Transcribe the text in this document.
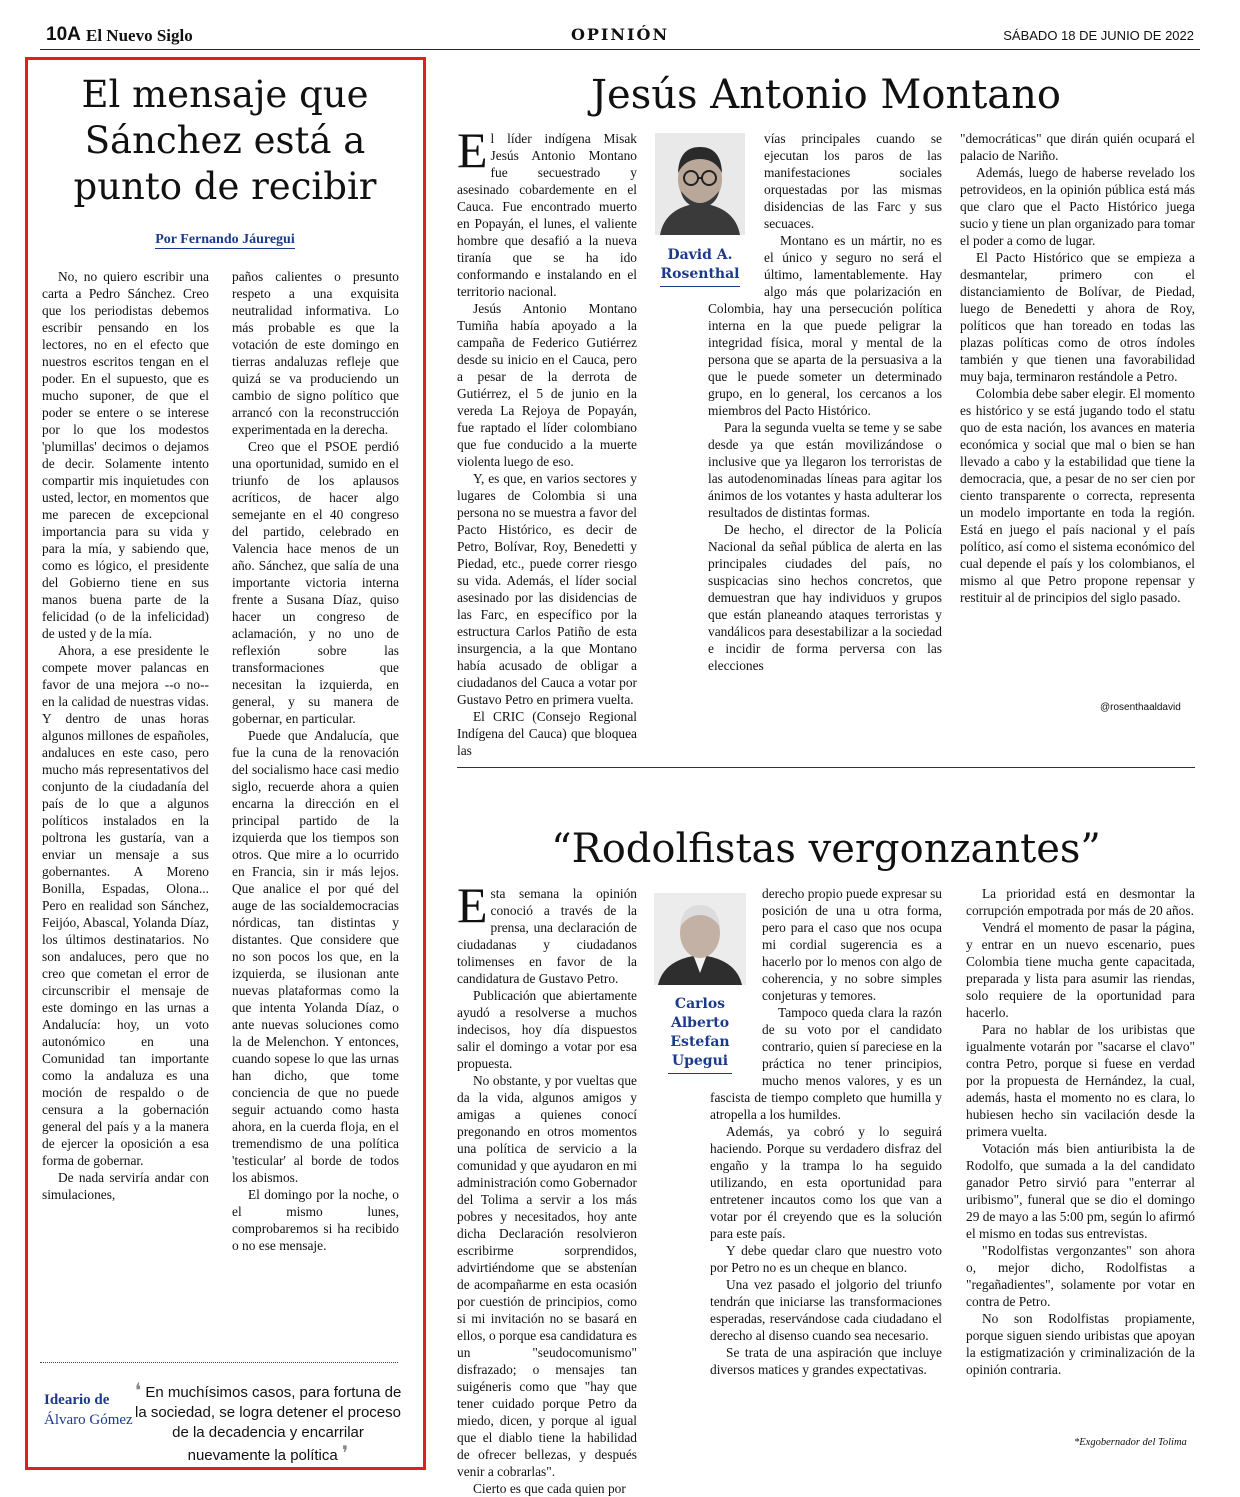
10A El Nuevo Siglo	OPINIÓN	SÁBADO 18 DE JUNIO DE 2022
El mensaje que Sánchez está a punto de recibir
Por Fernando Jáuregui

No, no quiero escribir una carta a Pedro Sánchez. Creo que los periodistas debemos escribir pensando en los lectores, no en el efecto que nuestros escritos tengan en el poder. En el supuesto, que es mucho suponer, de que el poder se entere o se interese por lo que los modestos 'plumillas' decimos o dejamos de decir. Solamente intento compartir mis inquietudes con usted, lector, en momentos que me parecen de excepcional importancia para su vida y para la mía, y sabiendo que, como es lógico, el presidente del Gobierno tiene en sus manos buena parte de la felicidad (o de la infelicidad) de usted y de la mía.

Ahora, a ese presidente le compete mover palancas en favor de una mejora --o no-- en la calidad de nuestras vidas. Y dentro de unas horas algunos millones de españoles, andaluces en este caso, pero mucho más representativos del conjunto de la ciudadanía del país de lo que a algunos políticos instalados en la poltrona les gustaría, van a enviar un mensaje a sus gobernantes. A Moreno Bonilla, Espadas, Olona... Pero en realidad son Sánchez, Feijóo, Abascal, Yolanda Díaz, los últimos destinatarios. No son andaluces, pero que no creo que cometan el error de circunscribir el mensaje de este domingo en las urnas a Andalucía: hoy, un voto autonómico en una Comunidad tan importante como la andaluza es una moción de respaldo o de censura a la gobernación general del país y a la manera de ejercer la oposición a esa forma de gobernar.

De nada serviría andar con simulaciones,

paños calientes o presunto respeto a una exquisita neutralidad informativa. Lo más probable es que la votación de este domingo en tierras andaluzas refleje que quizá se va produciendo un cambio de signo político que arrancó con la reconstrucción experimentada en la derecha.

Creo que el PSOE perdió una oportunidad, sumido en el triunfo de los aplausos acríticos, de hacer algo semejante en el 40 congreso del partido, celebrado en Valencia hace menos de un año. Sánchez, que salía de una importante victoria interna frente a Susana Díaz, quiso hacer un congreso de aclamación, y no uno de reflexión sobre las transformaciones que necesitan la izquierda, en general, y su manera de gobernar, en particular.

Puede que Andalucía, que fue la cuna de la renovación del socialismo hace casi medio siglo, recuerde ahora a quien encarna la dirección en el principal partido de la izquierda que los tiempos son otros. Que mire a lo ocurrido en Francia, sin ir más lejos. Que analice el por qué del auge de las socialdemocracias nórdicas, tan distintas y distantes. Que considere que no son pocos los que, en la izquierda, se ilusionan ante nuevas plataformas como la que intenta Yolanda Díaz, o ante nuevas soluciones como la de Melenchon. Y entonces, cuando sopese lo que las urnas han dicho, que tome conciencia de que no puede seguir actuando como hasta ahora, en la cuerda floja, en el tremendismo de una política 'testicular' al borde de todos los abismos.

El domingo por la noche, o el mismo lunes, comprobaremos si ha recibido o no ese mensaje.

Ideario de
Álvaro Gómez
❛ En muchísimos casos, para fortuna de la sociedad, se logra detener el proceso de la decadencia y encarrilar nuevamente la política ❜
Jesús Antonio Montano

El líder indígena Misak Jesús Antonio Montano fue secuestrado y asesinado cobardemente en el Cauca. Fue encontrado muerto en Popayán, el lunes, el valiente hombre que desafió a la nueva tiranía que se ha ido conformando e instalando en el territorio nacional.

Jesús Antonio Montano Tumiña había apoyado a la campaña de Federico Gutiérrez desde su inicio en el Cauca, pero a pesar de la derrota de Gutiérrez, el 5 de junio en la vereda La Rejoya de Popayán, fue raptado el líder colombiano que fue conducido a la muerte violenta luego de eso.

Y, es que, en varios sectores y lugares de Colombia si una persona no se muestra a favor del Pacto Histórico, es decir de Petro, Bolívar, Roy, Benedetti y Piedad, etc., puede correr riesgo su vida. Además, el líder social asesinado por las disidencias de las Farc, en específico por la estructura Carlos Patiño de esta insurgencia, a la que Montano había acusado de obligar a ciudadanos del Cauca a votar por Gustavo Petro en primera vuelta.

El CRIC (Consejo Regional Indígena del Cauca) que bloquea las

David A. Rosenthal

vías principales cuando se ejecutan los paros de las manifestaciones sociales orquestadas por las mismas disidencias de las Farc y sus secuaces.

Montano es un mártir, no es el único y seguro no será el último, lamentablemente. Hay algo más que polarización en Colombia, hay una persecución política interna en la que puede peligrar la integridad física, moral y mental de la persona que se aparta de la persuasiva a la que le puede someter un determinado grupo, en lo general, los cercanos a los miembros del Pacto Histórico.

Para la segunda vuelta se teme y se sabe desde ya que están movilizándose o inclusive que ya llegaron los terroristas de las autodenominadas líneas para agitar los ánimos de los votantes y hasta adulterar los resultados de distintas formas.

De hecho, el director de la Policía Nacional da señal pública de alerta en las principales ciudades del país, no suspicacias sino hechos concretos, que demuestran que hay individuos y grupos que están planeando ataques terroristas y vandálicos para desestabilizar a la sociedad e incidir de forma perversa con las elecciones

"democráticas" que dirán quién ocupará el palacio de Nariño.

Además, luego de haberse revelado los petrovideos, en la opinión pública está más que claro que el Pacto Histórico juega sucio y tiene un plan organizado para tomar el poder a como de lugar.

El Pacto Histórico que se empieza a desmantelar, primero con el distanciamiento de Bolívar, de Piedad, luego de Benedetti y ahora de Roy, políticos que han toreado en todas las plazas políticas como de otros índoles también y que tienen una favorabilidad muy baja, terminaron restándole a Petro.

Colombia debe saber elegir. El momento es histórico y se está jugando todo el statu quo de esta nación, los avances en materia económica y social que mal o bien se han llevado a cabo y la estabilidad que tiene la democracia, que, a pesar de no ser cien por ciento transparente o correcta, representa un modelo importante en toda la región. Está en juego el país nacional y el país político, así como el sistema económico del cual depende el país y los colombianos, el mismo al que Petro propone repensar y restituir al de principios del siglo pasado.

@rosenthaaldavid
“Rodolfistas vergonzantes”

Esta semana la opinión conoció a través de la prensa, una declaración de ciudadanas y ciudadanos tolimenses en favor de la candidatura de Gustavo Petro.

Publicación que abiertamente ayudó a resolverse a muchos indecisos, hoy día dispuestos salir el domingo a votar por esa propuesta.

No obstante, y por vueltas que da la vida, algunos amigos y amigas a quienes conocí pregonando en otros momentos una política de servicio a la comunidad y que ayudaron en mi administración como Gobernador del Tolima a servir a los más pobres y necesitados, hoy ante dicha Declaración resolvieron escribirme sorprendidos, advirtiéndome que se abstenían de acompañarme en esta ocasión por cuestión de principios, como si mi invitación no se basará en ellos, o porque esa candidatura es un "seudocomunismo" disfrazado; o mensajes tan suigéneris como que "hay que tener cuidado porque Petro da miedo, dicen, y porque al igual que el diablo tiene la habilidad de ofrecer bellezas, y después venir a cobrarlas".

Cierto es que cada quien por

Carlos Alberto Estefan Upegui

derecho propio puede expresar su posición de una u otra forma, pero para el caso que nos ocupa mi cordial sugerencia es a hacerlo por lo menos con algo de coherencia, y no sobre simples conjeturas y temores.

Tampoco queda clara la razón de su voto por el candidato contrario, quien sí pareciese en la práctica no tener principios, mucho menos valores, y es un fascista de tiempo completo que humilla y atropella a los humildes.

Además, ya cobró y lo seguirá haciendo. Porque su verdadero disfraz del engaño y la trampa lo ha seguido utilizando, en esta oportunidad para entretener incautos como los que van a votar por él creyendo que es la solución para este país.

Y debe quedar claro que nuestro voto por Petro no es un cheque en blanco.

Una vez pasado el jolgorio del triunfo tendrán que iniciarse las transformaciones esperadas, reservándose cada ciudadano el derecho al disenso cuando sea necesario.

Se trata de una aspiración que incluye diversos matices y grandes expectativas.

La prioridad está en desmontar la corrupción empotrada por más de 20 años.

Vendrá el momento de pasar la página, y entrar en un nuevo escenario, pues Colombia tiene mucha gente capacitada, preparada y lista para asumir las riendas, solo requiere de la oportunidad para hacerlo.

Para no hablar de los uribistas que igualmente votarán por "sacarse el clavo" contra Petro, porque si fuese en verdad por la propuesta de Hernández, la cual, además, hasta el momento no es clara, lo hubiesen hecho sin vacilación desde la primera vuelta.

Votación más bien antiuribista la de Rodolfo, que sumada a la del candidato ganador Petro sirvió para "enterrar al uribismo", funeral que se dio el domingo 29 de mayo a las 5:00 pm, según lo afirmó el mismo en todas sus entrevistas.

"Rodolfistas vergonzantes" son ahora o, mejor dicho, Rodolfistas a "regañadientes", solamente por votar en contra de Petro.

No son Rodolfistas propiamente, porque siguen siendo uribistas que apoyan la estigmatización y criminalización de la opinión contraria.

*Exgobernador del Tolima
